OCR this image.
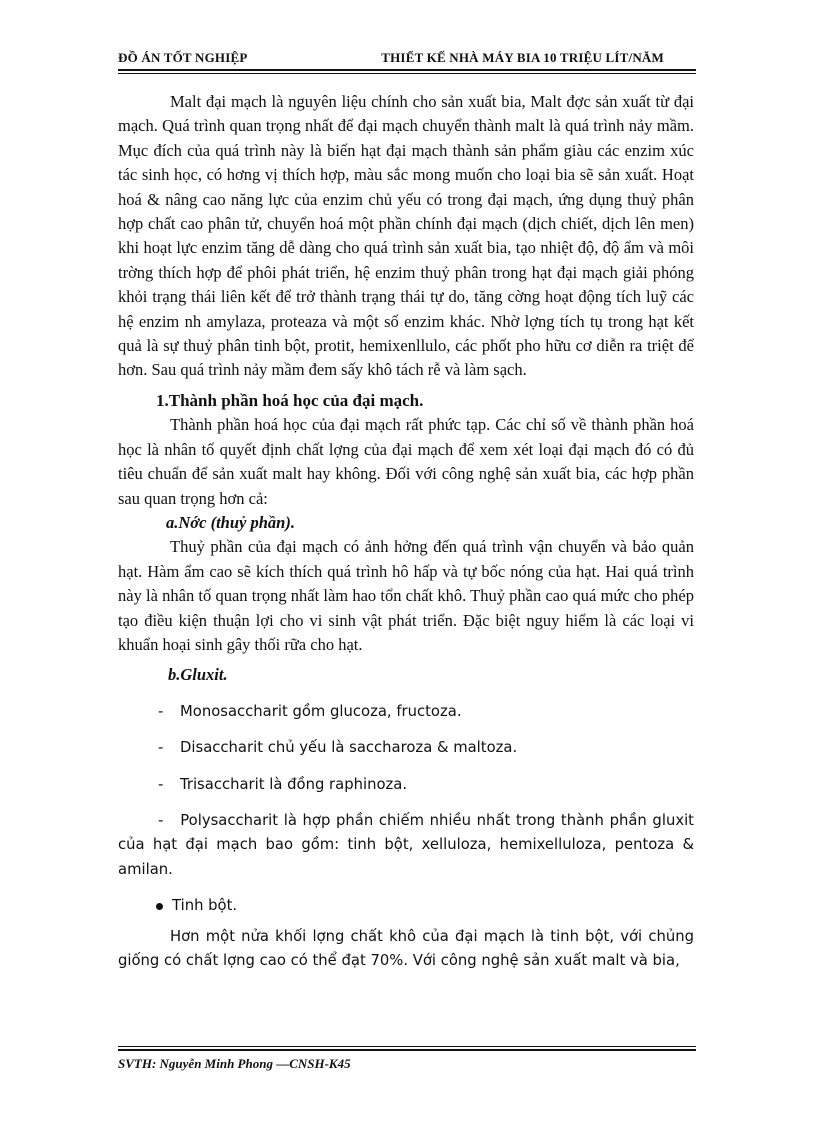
ĐỒ ÁN TỐT NGHIỆP	THIẾT KẾ NHÀ MÁY BIA 10 TRIỆU LÍT/NĂM

Malt đại mạch là nguyên liệu chính cho sản xuất bia, Malt đợc sản xuất từ đại mạch. Quá trình quan trọng nhất để đại mạch chuyển thành malt là quá trình nảy mầm. Mục đích của quá trình này là biến hạt đại mạch thành sản phẩm giàu các enzim xúc tác sinh học, có hơng vị thích hợp, màu sắc mong muốn cho loại bia sẽ sản xuất. Hoạt hoá & nâng cao năng lực của enzim chủ yếu có trong đại mạch, ứng dụng thuỷ phân hợp chất cao phân tử, chuyển hoá một phần chính đại mạch (dịch chiết, dịch lên men) khi hoạt lực enzim tăng dễ dàng cho quá trình sản xuất bia, tạo nhiệt độ, độ ẩm và môi trờng thích hợp để phôi phát triển, hệ enzim thuỷ phân trong hạt đại mạch giải phóng khỏi trạng thái liên kết để trở thành trạng thái tự do, tăng cờng hoạt động tích luỹ các hệ enzim nh amylaza, proteaza và một số enzim khác. Nhờ lợng tích tụ trong hạt kết quả là sự thuỷ phân tinh bột, protit, hemixenllulo, các phốt pho hữu cơ diễn ra triệt để hơn. Sau quá trình nảy mầm đem sấy khô tách rễ và làm sạch.

1.Thành phần hoá học của đại mạch.

Thành phần hoá học của đại mạch rất phức tạp. Các chỉ số về thành phần hoá học là nhân tố quyết định chất lợng của đại mạch để xem xét loại đại mạch đó có đủ tiêu chuẩn để sản xuất malt hay không. Đối với công nghệ sản xuất bia, các hợp phần sau quan trọng hơn cả:

a.Nớc (thuỷ phần).

Thuỷ phần của đại mạch có ảnh hởng đến quá trình vận chuyển và bảo quản hạt. Hàm ẩm cao sẽ kích thích quá trình hô hấp và tự bốc nóng của hạt. Hai quá trình này là nhân tố quan trọng nhất làm hao tổn chất khô. Thuỷ phần cao quá mức cho phép tạo điều kiện thuận lợi cho vi sinh vật phát triển. Đặc biệt nguy hiểm là các loại vi khuẩn hoại sinh gây thối rữa cho hạt.

b.Gluxit.

- Monosaccharit gồm glucoza, fructoza.

- Disaccharit chủ yếu là saccharoza & maltoza.

- Trisaccharit là đồng raphinoza.

- Polysaccharit là hợp phần chiếm nhiều nhất trong thành phần gluxit của hạt đại mạch bao gồm: tinh bột, xelluloza, hemixelluloza, pentoza & amilan.

Tinh bột.

Hơn một nửa khối lợng chất khô của đại mạch là tinh bột, với chủng giống có chất lợng cao có thể đạt 70%. Với công nghệ sản xuất malt và bia,

SVTH: Nguyễn Minh Phong —CNSH-K45
